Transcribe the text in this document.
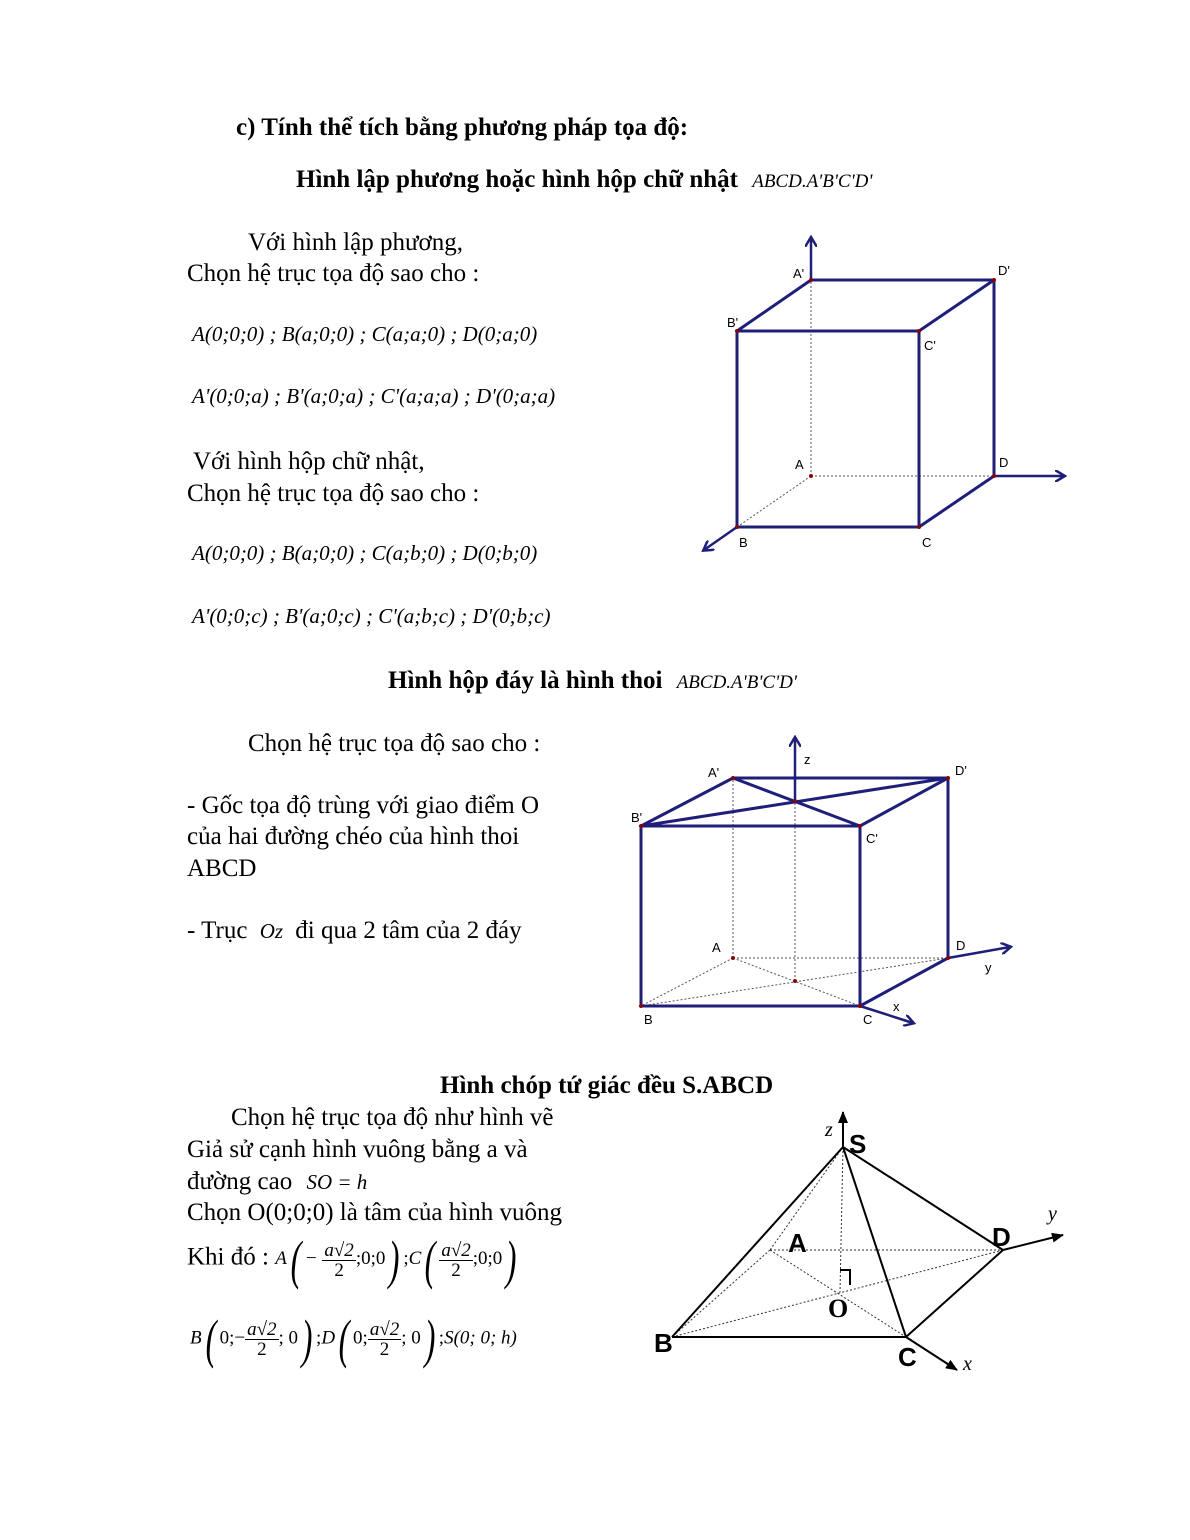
c) Tính thể tích bằng phương pháp tọa độ:
Hình lập phương hoặc hình hộp chữ nhật ABCD.A'B'C'D'
Với hình lập phương,
Chọn hệ trục tọa độ sao cho :
A(0;0;0) ; B(a;0;0) ; C(a;a;0) ; D(0;a;0)
A'(0;0;a) ; B'(a;0;a) ; C'(a;a;a) ; D'(0;a;a)
Với hình hộp chữ nhật,
Chọn hệ trục tọa độ sao cho :
A(0;0;0) ; B(a;0;0) ; C(a;b;0) ; D(0;b;0)
A'(0;0;c) ; B'(a;0;c) ; C'(a;b;c) ; D'(0;b;c)
A'	D'
B'
C'
A	D
B	C
Hình hộp đáy là hình thoi ABCD.A'B'C'D'
Chọn hệ trục tọa độ sao cho :
- Gốc tọa độ trùng với giao điểm O
của hai đường chéo của hình thoi
ABCD
- Trục Oz đi qua 2 tâm của 2 đáy
z
A'	D'
B'
C'
A	D
y
B	C
x
Hình chóp tứ giác đều S.ABCD
Chọn hệ trục tọa độ như hình vẽ
Giả sử cạnh hình vuông bằng a và
đường cao SO = h
Chọn O(0;0;0) là tâm của hình vuông
Khi đó : $A( - \frac{a√2}{2}$ ;0;0) ;C( $\frac{a√2}{2}$ ;0;0)
B( 0;− $\frac{a√2}{2}$ ; 0) ;D( 0; $\frac{a√2}{2}$ ; 0) ;S(0; 0; h)
z S
y
A	D
O
B	C x
